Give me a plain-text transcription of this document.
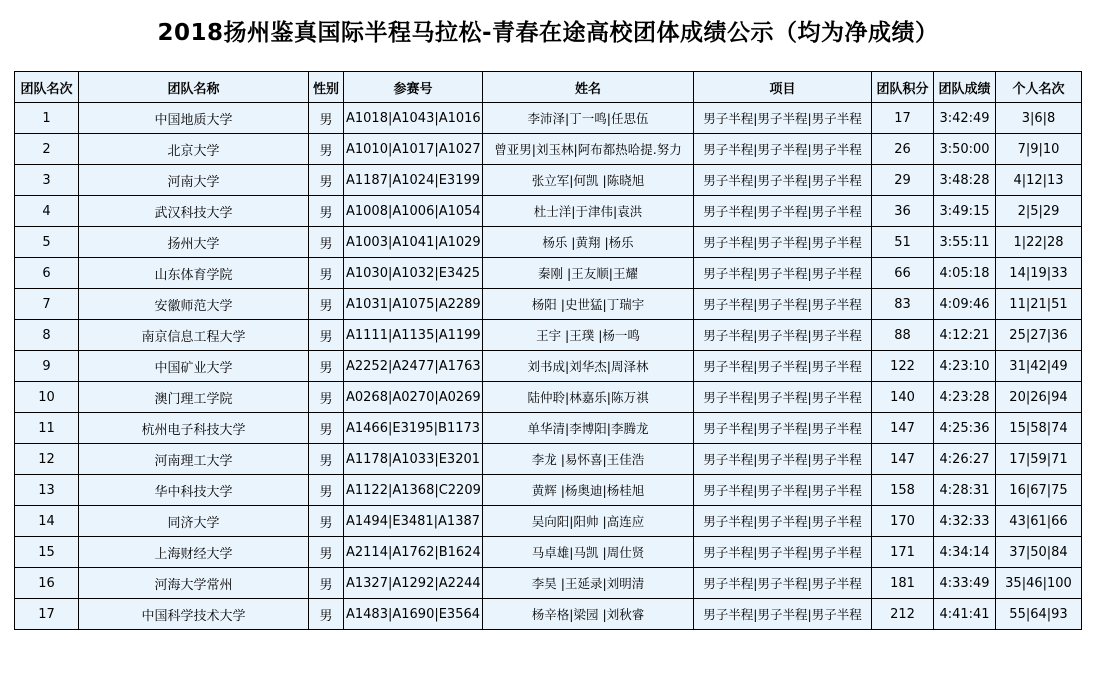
2018扬州鉴真国际半程马拉松-青春在途高校团体成绩公示（均为净成绩）
团队名次	团队名称	性别	参赛号	姓名	项目	团队积分	团队成绩	个人名次
1	中国地质大学	男	A1018|A1043|A1016	李沛泽|丁一鸣|任思伍	男子半程|男子半程|男子半程	17	3:42:49	3|6|8
2	北京大学	男	A1010|A1017|A1027	曾亚男|刘玉林|阿布都热哈提.努力	男子半程|男子半程|男子半程	26	3:50:00	7|9|10
3	河南大学	男	A1187|A1024|E3199	张立军|何凯 |陈晓旭	男子半程|男子半程|男子半程	29	3:48:28	4|12|13
4	武汉科技大学	男	A1008|A1006|A1054	杜士洋|于津伟|袁洪	男子半程|男子半程|男子半程	36	3:49:15	2|5|29
5	扬州大学	男	A1003|A1041|A1029	杨乐 |黄翔 |杨乐	男子半程|男子半程|男子半程	51	3:55:11	1|22|28
6	山东体育学院	男	A1030|A1032|E3425	秦刚 |王友顺|王耀	男子半程|男子半程|男子半程	66	4:05:18	14|19|33
7	安徽师范大学	男	A1031|A1075|A2289	杨阳 |史世猛|丁瑞宇	男子半程|男子半程|男子半程	83	4:09:46	11|21|51
8	南京信息工程大学	男	A1111|A1135|A1199	王宇 |王璞 |杨一鸣	男子半程|男子半程|男子半程	88	4:12:21	25|27|36
9	中国矿业大学	男	A2252|A2477|A1763	刘书成|刘华杰|周泽林	男子半程|男子半程|男子半程	122	4:23:10	31|42|49
10	澳门理工学院	男	A0268|A0270|A0269	陆仲聆|林嘉乐|陈万祺	男子半程|男子半程|男子半程	140	4:23:28	20|26|94
11	杭州电子科技大学	男	A1466|E3195|B1173	单华清|李博阳|李腾龙	男子半程|男子半程|男子半程	147	4:25:36	15|58|74
12	河南理工大学	男	A1178|A1033|E3201	李龙 |易怀喜|王佳浩	男子半程|男子半程|男子半程	147	4:26:27	17|59|71
13	华中科技大学	男	A1122|A1368|C2209	黄辉 |杨奥迪|杨桂旭	男子半程|男子半程|男子半程	158	4:28:31	16|67|75
14	同济大学	男	A1494|E3481|A1387	吴向阳|阳帅 |高连应	男子半程|男子半程|男子半程	170	4:32:33	43|61|66
15	上海财经大学	男	A2114|A1762|B1624	马卓雄|马凯 |周仕贤	男子半程|男子半程|男子半程	171	4:34:14	37|50|84
16	河海大学常州	男	A1327|A1292|A2244	李昊 |王延录|刘明清	男子半程|男子半程|男子半程	181	4:33:49	35|46|100
17	中国科学技术大学	男	A1483|A1690|E3564	杨辛格|梁园 |刘秋睿	男子半程|男子半程|男子半程	212	4:41:41	55|64|93
